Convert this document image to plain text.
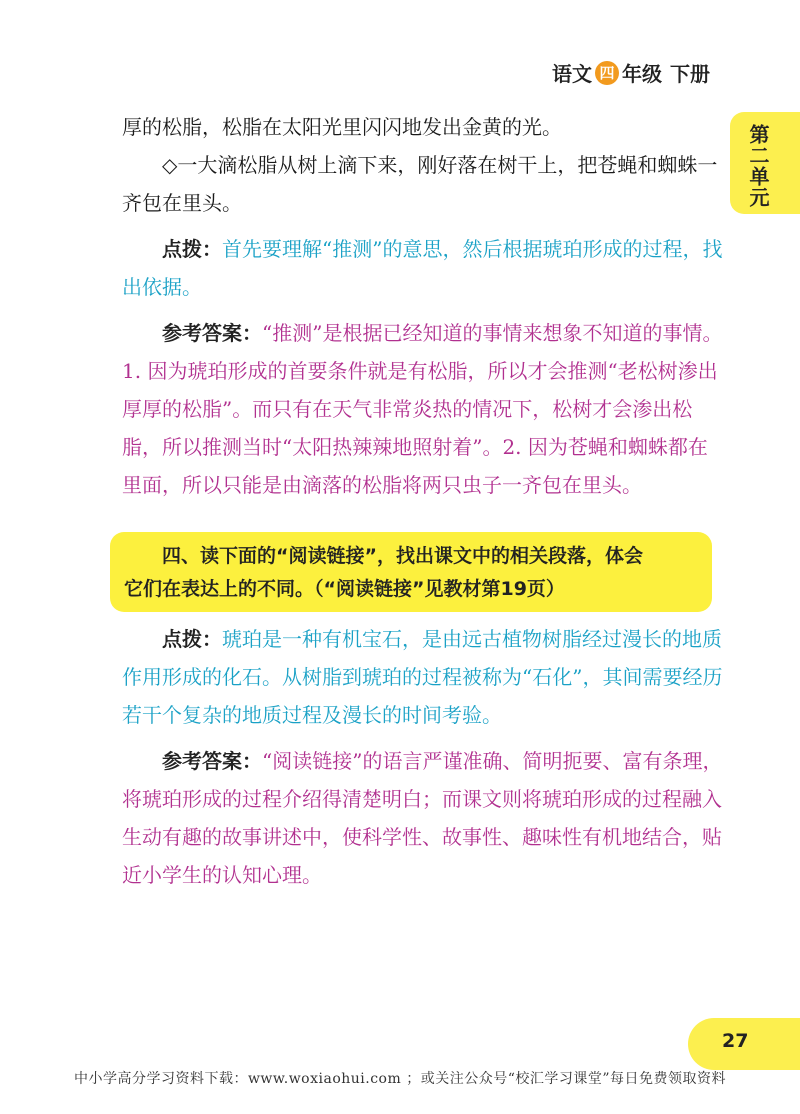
语文 四 年级 下册
第二单元

厚的松脂，松脂在太阳光里闪闪地发出金黄的光。

◇一大滴松脂从树上滴下来，刚好落在树干上，把苍蝇和蜘蛛一齐包在里头。

点拨：首先要理解“推测”的意思，然后根据琥珀形成的过程，找出依据。

参考答案：“推测”是根据已经知道的事情来想象不知道的事情。1. 因为琥珀形成的首要条件就是有松脂，所以才会推测“老松树渗出厚厚的松脂”。而只有在天气非常炎热的情况下，松树才会渗出松脂，所以推测当时“太阳热辣辣地照射着”。2. 因为苍蝇和蜘蛛都在里面，所以只能是由滴落的松脂将两只虫子一齐包在里头。

四、读下面的“阅读链接”，找出课文中的相关段落，体会

它们在表达上的不同。（“阅读链接”见教材第19页）

点拨：琥珀是一种有机宝石，是由远古植物树脂经过漫长的地质作用形成的化石。从树脂到琥珀的过程被称为“石化”，其间需要经历若干个复杂的地质过程及漫长的时间考验。

参考答案：“阅读链接”的语言严谨准确、简明扼要、富有条理，将琥珀形成的过程介绍得清楚明白；而课文则将琥珀形成的过程融入生动有趣的故事讲述中，使科学性、故事性、趣味性有机地结合，贴近小学生的认知心理。

27
中小学高分学习资料下载：www.woxiaohui.com ；或关注公众号“校汇学习课堂”每日免费领取资料
